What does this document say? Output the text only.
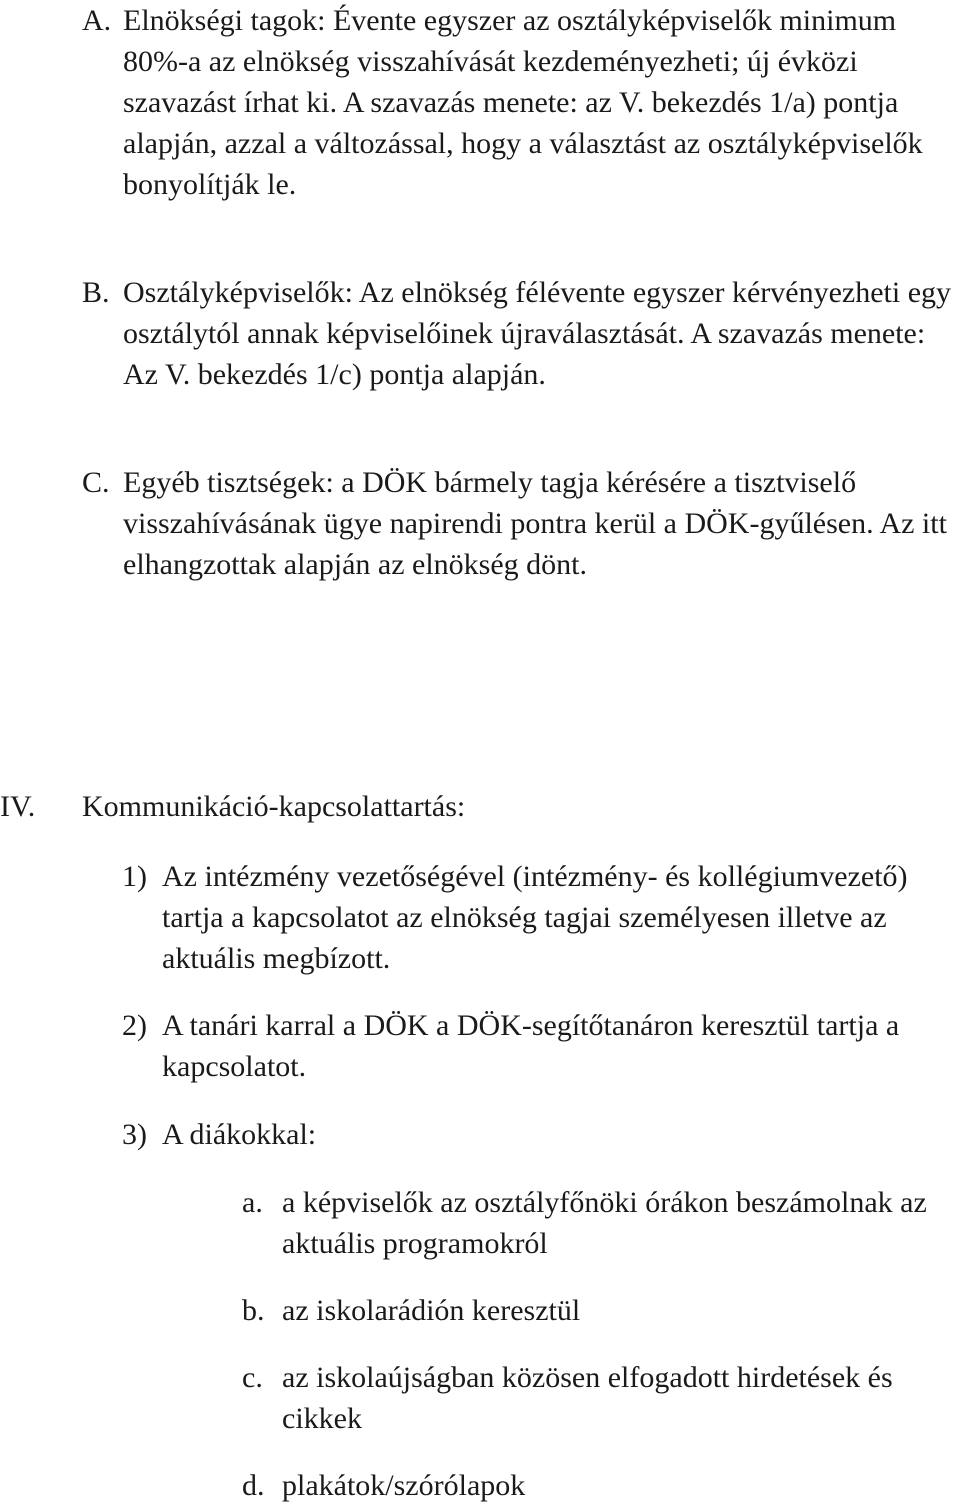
A. Elnökségi tagok: Évente egyszer az osztályképviselők minimum 80%-a az elnökség visszahívását kezdeményezheti; új évközi szavazást írhat ki. A szavazás menete: az V. bekezdés 1/a) pontja alapján, azzal a változással, hogy a választást az osztályképviselők bonyolítják le.
B. Osztályképviselők: Az elnökség félévente egyszer kérvényezheti egy osztálytól annak képviselőinek újraválasztását. A szavazás menete: Az V. bekezdés 1/c) pontja alapján.
C. Egyéb tisztségek: a DÖK bármely tagja kérésére a tisztviselő visszahívásának ügye napirendi pontra kerül a DÖK-gyűlésen. Az itt elhangzottak alapján az elnökség dönt.
IV.
Kommunikáció-kapcsolattartás:
1) Az intézmény vezetőségével (intézmény- és kollégiumvezető) tartja a kapcsolatot az elnökség tagjai személyesen illetve az aktuális megbízott.
2) A tanári karral a DÖK a DÖK-segítőtanáron keresztül tartja a kapcsolatot.
3) A diákokkal:
a. a képviselők az osztályfőnöki órákon beszámolnak az aktuális programokról
b. az iskolarádión keresztül
c. az iskolaújságban közösen elfogadott hirdetések és cikkek
d. plakátok/szórólapok
